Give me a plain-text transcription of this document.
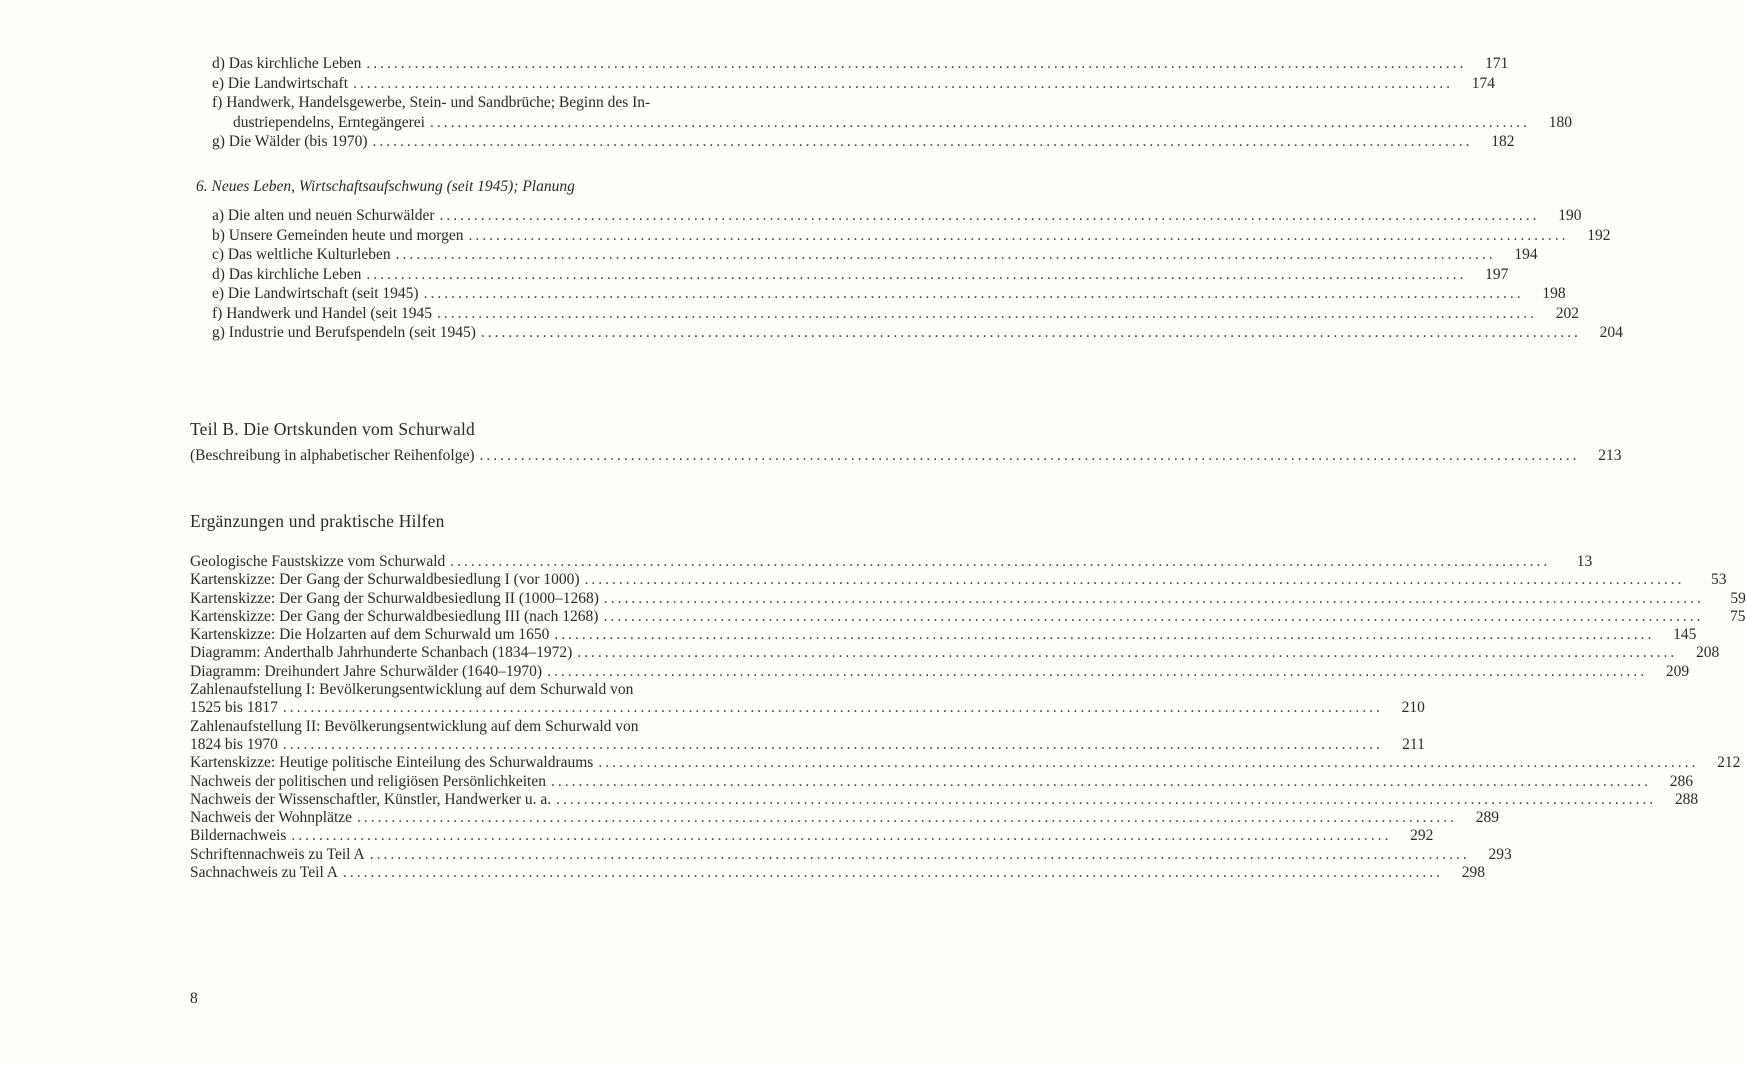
d) Das kirchliche Leben ................................................................................................................................................................	171
e) Die Landwirtschaft ................................................................................................................................................................	174
f) Handwerk, Handelsgewerbe, Stein- und Sandbrüche; Beginn des In-
dustriependelns, Erntegängerei ................................................................................................................................................................	180
g) Die Wälder (bis 1970) ................................................................................................................................................................	182
6. Neues Leben, Wirtschaftsaufschwung (seit 1945); Planung
a) Die alten und neuen Schurwälder ................................................................................................................................................................	190
b) Unsere Gemeinden heute und morgen ................................................................................................................................................................	192
c) Das weltliche Kulturleben ................................................................................................................................................................	194
d) Das kirchliche Leben ................................................................................................................................................................	197
e) Die Landwirtschaft (seit 1945) ................................................................................................................................................................	198
f) Handwerk und Handel (seit 1945 ................................................................................................................................................................	202
g) Industrie und Berufspendeln (seit 1945) ................................................................................................................................................................	204
Teil B. Die Ortskunden vom Schurwald
(Beschreibung in alphabetischer Reihenfolge) ................................................................................................................................................................	213
Ergänzungen und praktische Hilfen
Geologische Faustskizze vom Schurwald ................................................................................................................................................................	13
Kartenskizze: Der Gang der Schurwaldbesiedlung I (vor 1000) ................................................................................................................................................................	53
Kartenskizze: Der Gang der Schurwaldbesiedlung II (1000–1268) ................................................................................................................................................................	59
Kartenskizze: Der Gang der Schurwaldbesiedlung III (nach 1268) ................................................................................................................................................................	75
Kartenskizze: Die Holzarten auf dem Schurwald um 1650 ................................................................................................................................................................	145
Diagramm: Anderthalb Jahrhunderte Schanbach (1834–1972) ................................................................................................................................................................	208
Diagramm: Dreihundert Jahre Schurwälder (1640–1970) ................................................................................................................................................................	209
Zahlenaufstellung I: Bevölkerungsentwicklung auf dem Schurwald von
1525 bis 1817 ................................................................................................................................................................	210
Zahlenaufstellung II: Bevölkerungsentwicklung auf dem Schurwald von
1824 bis 1970 ................................................................................................................................................................	211
Kartenskizze: Heutige politische Einteilung des Schurwaldraums ................................................................................................................................................................	212
Nachweis der politischen und religiösen Persönlichkeiten ................................................................................................................................................................	286
Nachweis der Wissenschaftler, Künstler, Handwerker u. a. ................................................................................................................................................................	288
Nachweis der Wohnplätze ................................................................................................................................................................	289
Bildernachweis ................................................................................................................................................................	292
Schriftennachweis zu Teil A ................................................................................................................................................................	293
Sachnachweis zu Teil A ................................................................................................................................................................	298
8
